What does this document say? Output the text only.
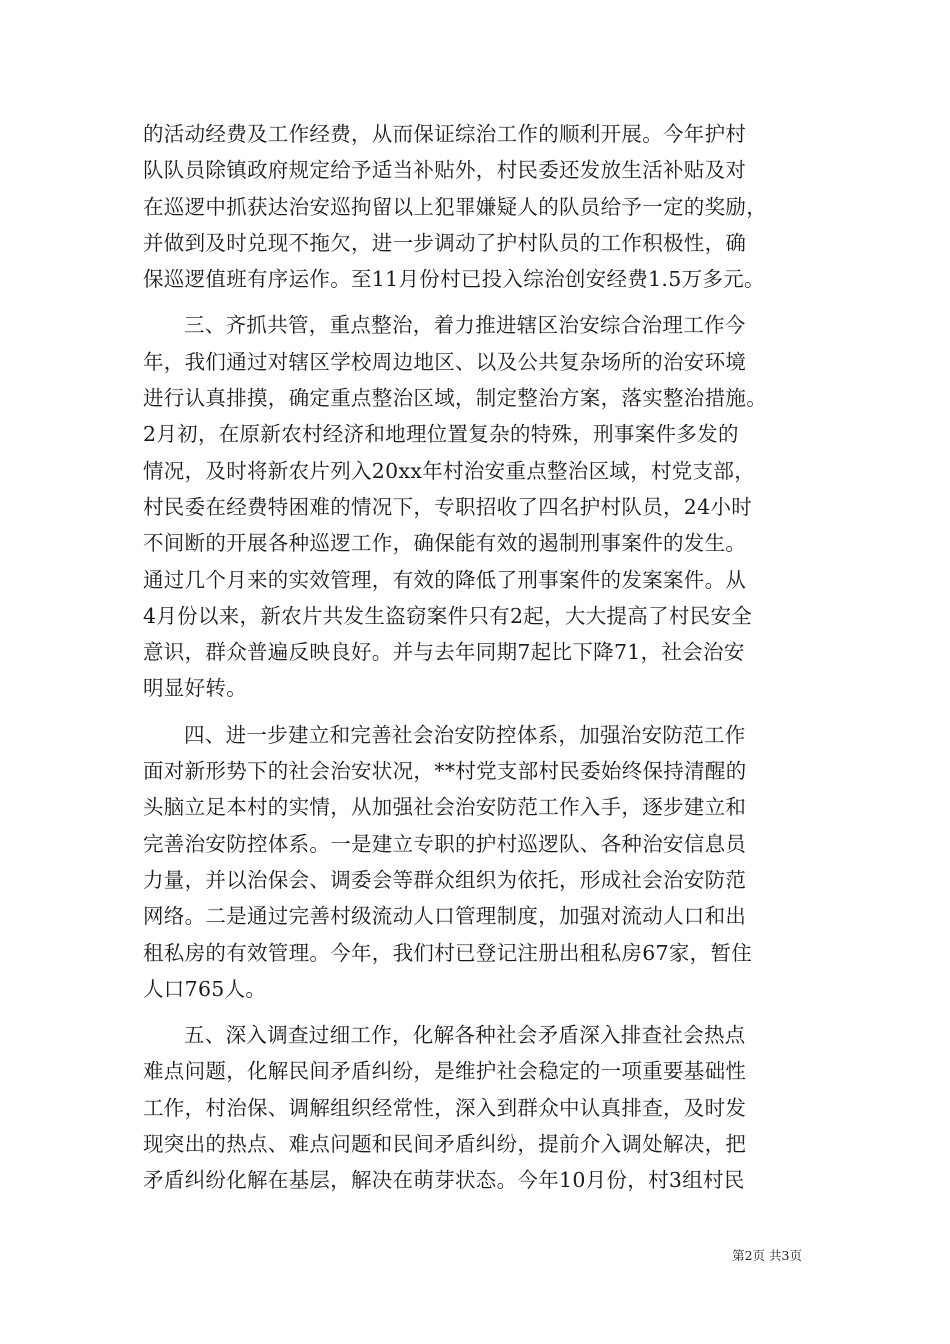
的活动经费及工作经费，从而保证综治工作的顺利开展。今年护村
队队员除镇政府规定给予适当补贴外，村民委还发放生活补贴及对
在巡逻中抓获达治安巡拘留以上犯罪嫌疑人的队员给予一定的奖励，
并做到及时兑现不拖欠，进一步调动了护村队员的工作积极性，确
保巡逻值班有序运作。至11月份村已投入综治创安经费1.5万多元。
三、齐抓共管，重点整治，着力推进辖区治安综合治理工作今
年，我们通过对辖区学校周边地区、以及公共复杂场所的治安环境
进行认真排摸，确定重点整治区域，制定整治方案，落实整治措施。
2月初，在原新农村经济和地理位置复杂的特殊，刑事案件多发的
情况，及时将新农片列入20xx年村治安重点整治区域，村党支部，
村民委在经费特困难的情况下，专职招收了四名护村队员，24小时
不间断的开展各种巡逻工作，确保能有效的遏制刑事案件的发生。
通过几个月来的实效管理，有效的降低了刑事案件的发案案件。从
4月份以来，新农片共发生盗窃案件只有2起，大大提高了村民安全
意识，群众普遍反映良好。并与去年同期7起比下降71，社会治安
明显好转。
四、进一步建立和完善社会治安防控体系，加强治安防范工作
面对新形势下的社会治安状况，**村党支部村民委始终保持清醒的
头脑立足本村的实情，从加强社会治安防范工作入手，逐步建立和
完善治安防控体系。一是建立专职的护村巡逻队、各种治安信息员
力量，并以治保会、调委会等群众组织为依托，形成社会治安防范
网络。二是通过完善村级流动人口管理制度，加强对流动人口和出
租私房的有效管理。今年，我们村已登记注册出租私房67家，暂住
人口765人。
五、深入调查过细工作，化解各种社会矛盾深入排查社会热点
难点问题，化解民间矛盾纠纷，是维护社会稳定的一项重要基础性
工作，村治保、调解组织经常性，深入到群众中认真排查，及时发
现突出的热点、难点问题和民间矛盾纠纷，提前介入调处解决，把
矛盾纠纷化解在基层，解决在萌芽状态。今年10月份，村3组村民
第2页 共3页
